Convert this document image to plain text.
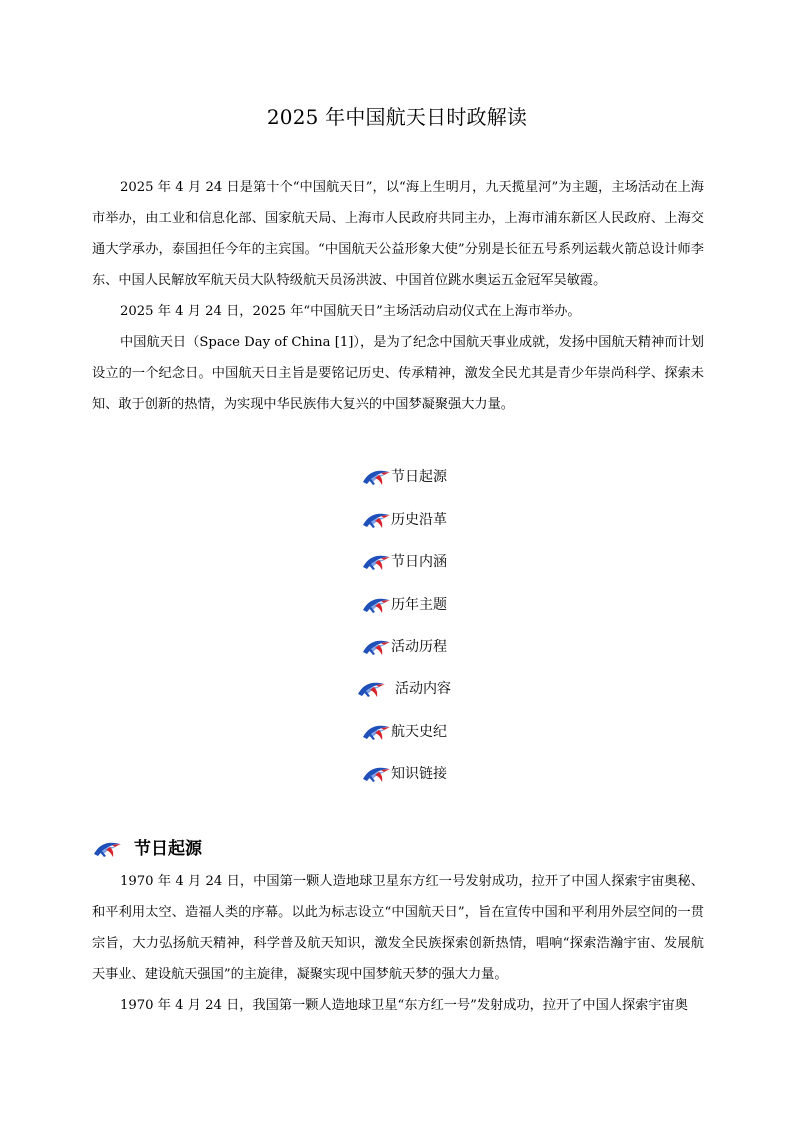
2025 年中国航天日时政解读

2025 年 4 月 24 日是第十个“中国航天日”，以“海上生明月，九天揽星河”为主题，主场活动在上海市举办，由工业和信息化部、国家航天局、上海市人民政府共同主办，上海市浦东新区人民政府、上海交通大学承办，泰国担任今年的主宾国。“中国航天公益形象大使”分别是长征五号系列运载火箭总设计师李东、中国人民解放军航天员大队特级航天员汤洪波、中国首位跳水奥运五金冠军吴敏霞。

2025 年 4 月 24 日，2025 年“中国航天日”主场活动启动仪式在上海市举办。

中国航天日（Space Day of China [1]），是为了纪念中国航天事业成就，发扬中国航天精神而计划设立的一个纪念日。中国航天日主旨是要铭记历史、传承精神，激发全民尤其是青少年崇尚科学、探索未知、敢于创新的热情，为实现中华民族伟大复兴的中国梦凝聚强大力量。

节日起源
历史沿革
节日内涵
历年主题
活动历程
活动内容
航天史纪
知识链接
节日起源

1970 年 4 月 24 日，中国第一颗人造地球卫星东方红一号发射成功，拉开了中国人探索宇宙奥秘、和平利用太空、造福人类的序幕。以此为标志设立“中国航天日”，旨在宣传中国和平利用外层空间的一贯宗旨，大力弘扬航天精神，科学普及航天知识，激发全民族探索创新热情，唱响“探索浩瀚宇宙、发展航天事业、建设航天强国”的主旋律，凝聚实现中国梦航天梦的强大力量。

1970 年 4 月 24 日，我国第一颗人造地球卫星“东方红一号”发射成功，拉开了中国人探索宇宙奥
